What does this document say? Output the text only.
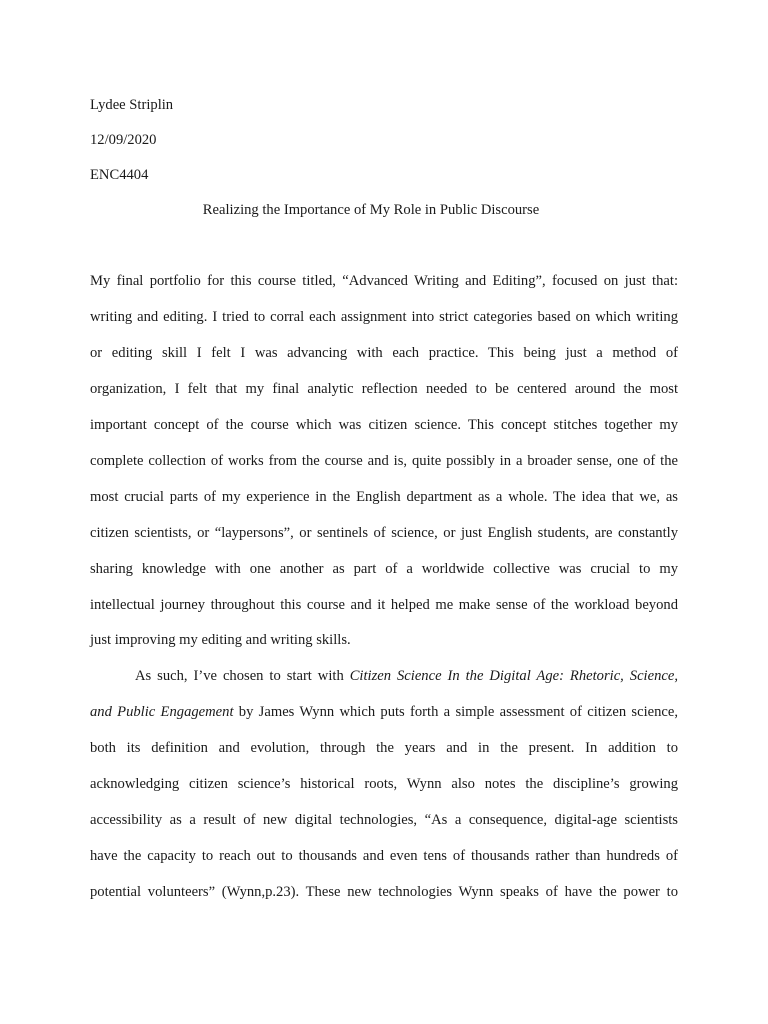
Lydee Striplin
12/09/2020
ENC4404
Realizing the Importance of My Role in Public Discourse
My final portfolio for this course titled, “Advanced Writing and Editing”, focused on just that:
writing and editing. I tried to corral each assignment into strict categories based on which writing
or editing skill I felt I was advancing with each practice. This being just a method of
organization, I felt that my final analytic reflection needed to be centered around the most
important concept of the course which was citizen science. This concept stitches together my
complete collection of works from the course and is, quite possibly in a broader sense, one of the
most crucial parts of my experience in the English department as a whole. The idea that we, as
citizen scientists, or “laypersons”, or sentinels of science, or just English students, are constantly
sharing knowledge with one another as part of a worldwide collective was crucial to my
intellectual journey throughout this course and it helped me make sense of the workload beyond
just improving my editing and writing skills.
As such, I’ve chosen to start with Citizen Science In the Digital Age: Rhetoric, Science,
and Public Engagement by James Wynn which puts forth a simple assessment of citizen science,
both its definition and evolution, through the years and in the present. In addition to
acknowledging citizen science’s historical roots, Wynn also notes the discipline’s growing
accessibility as a result of new digital technologies, “As a consequence, digital-age scientists
have the capacity to reach out to thousands and even tens of thousands rather than hundreds of
potential volunteers” (Wynn,p.23). These new technologies Wynn speaks of have the power to
